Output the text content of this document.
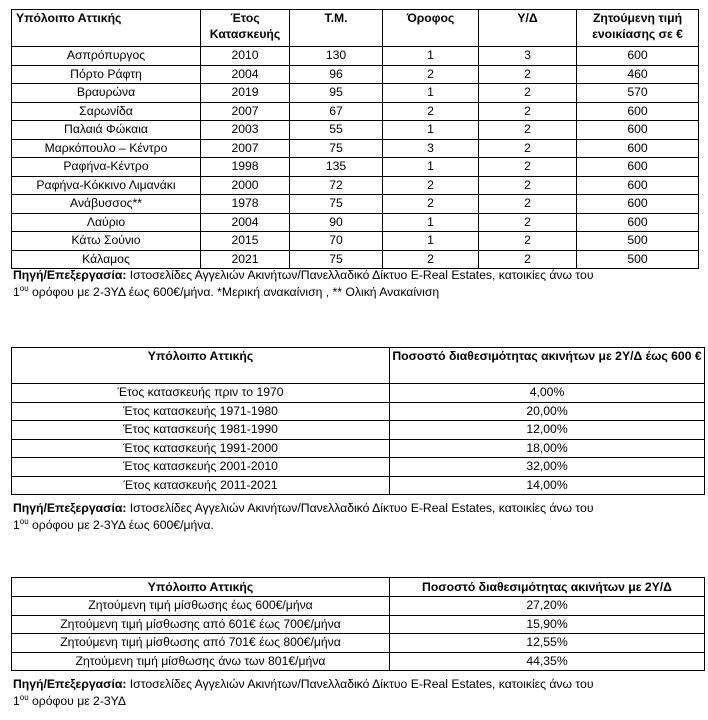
Υπόλοιπο Αττικής	Έτος Κατασκευής	Τ.Μ.	Όροφος	Υ/Δ	Ζητούμενη τιμή ενοικίασης σε €
Ασπρόπυργος	2010	130	1	3	600
Πόρτο Ράφτη	2004	96	2	2	460
Βραυρώνα	2019	95	1	2	570
Σαρωνίδα	2007	67	2	2	600
Παλαιά Φώκαια	2003	55	1	2	600
Μαρκόπουλο – Κέντρο	2007	75	3	2	600
Ραφήνα-Κέντρο	1998	135	1	2	600
Ραφήνα-Κόκκινο Λιμανάκι	2000	72	2	2	600
Ανάβυσσος**	1978	75	2	2	600
Λαύριο	2004	90	1	2	600
Κάτω Σούνιο	2015	70	1	2	500
Κάλαμος	2021	75	2	2	500
Πηγή/Επεξεργασία: Ιστοσελίδες Αγγελιών Ακινήτων/Πανελλαδικό Δίκτυο E-Real Estates, κατοικίες άνω του
$1^{o\upsilon}$ ορόφου με 2-3ΥΔ έως 600€/μήνα. *Μερική ανακαίνιση , ** Ολική Ανακαίνιση
Υπόλοιπο Αττικής	Ποσοστό διαθεσιμότητας ακινήτων με 2Υ/Δ έως 600 €
Έτος κατασκευής πριν το 1970	4,00%
Έτος κατασκευής 1971-1980	20,00%
Έτος κατασκευής 1981-1990	12,00%
Έτος κατασκευής 1991-2000	18,00%
Έτος κατασκευής 2001-2010	32,00%
Έτος κατασκευής 2011-2021	14,00%
Πηγή/Επεξεργασία: Ιστοσελίδες Αγγελιών Ακινήτων/Πανελλαδικό Δίκτυο E-Real Estates, κατοικίες άνω του
$1^{o\upsilon}$ ορόφου με 2-3ΥΔ έως 600€/μήνα.
Υπόλοιπο Αττικής	Ποσοστό διαθεσιμότητας ακινήτων με 2Υ/Δ
Ζητούμενη τιμή μίσθωσης έως 600€/μήνα	27,20%
Ζητούμενη τιμή μίσθωσης από 601€ έως 700€/μήνα	15,90%
Ζητούμενη τιμή μίσθωσης από 701€ έως 800€/μήνα	12,55%
Ζητούμενη τιμή μίσθωσης άνω των 801€/μήνα	44,35%
Πηγή/Επεξεργασία: Ιστοσελίδες Αγγελιών Ακινήτων/Πανελλαδικό Δίκτυο E-Real Estates, κατοικίες άνω του
$1^{o\upsilon}$ ορόφου με 2-3ΥΔ
